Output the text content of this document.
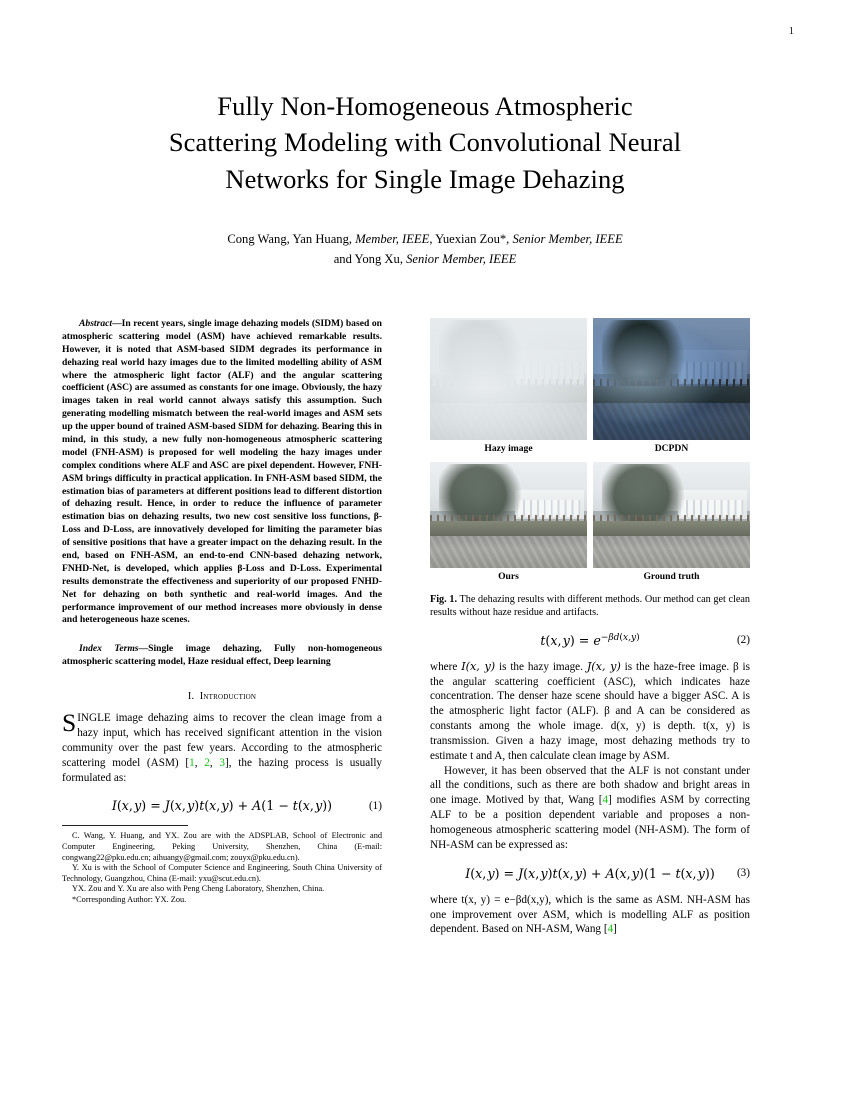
1
Fully Non-Homogeneous Atmospheric
Scattering Modeling with Convolutional Neural
Networks for Single Image Dehazing
Cong Wang, Yan Huang, Member, IEEE, Yuexian Zou*, Senior Member, IEEE
and Yong Xu, Senior Member, IEEE

Abstract—In recent years, single image dehazing models (SIDM) based on atmospheric scattering model (ASM) have achieved remarkable results. However, it is noted that ASM-based SIDM degrades its performance in dehazing real world hazy images due to the limited modelling ability of ASM where the atmospheric light factor (ALF) and the angular scattering coefficient (ASC) are assumed as constants for one image. Obviously, the hazy images taken in real world cannot always satisfy this assumption. Such generating modelling mismatch between the real-world images and ASM sets up the upper bound of trained ASM-based SIDM for dehazing. Bearing this in mind, in this study, a new fully non-homogeneous atmospheric scattering model (FNH-ASM) is proposed for well modeling the hazy images under complex conditions where ALF and ASC are pixel dependent. However, FNH-ASM brings difficulty in practical application. In FNH-ASM based SIDM, the estimation bias of parameters at different positions lead to different distortion of dehazing result. Hence, in order to reduce the influence of parameter estimation bias on dehazing results, two new cost sensitive loss functions, β-Loss and D-Loss, are innovatively developed for limiting the parameter bias of sensitive positions that have a greater impact on the dehazing result. In the end, based on FNH-ASM, an end-to-end CNN-based dehazing network, FNHD-Net, is developed, which applies β-Loss and D-Loss. Experimental results demonstrate the effectiveness and superiority of our proposed FNHD-Net for dehazing on both synthetic and real-world images. And the performance improvement of our method increases more obviously in dense and heterogeneous haze scenes.

Index Terms—Single image dehazing, Fully non-homogeneous atmospheric scattering model, Haze residual effect, Deep learning

I. Introduction

SINGLE image dehazing aims to recover the clean image from a hazy input, which has received significant attention in the vision community over the past few years. According to the atmospheric scattering model (ASM) [1, 2, 3], the hazing process is usually formulated as:

I(x, y) = J(x, y)t(x, y) + A(1 − t(x, y))	(1)

C. Wang, Y. Huang, and YX. Zou are with the ADSPLAB, School of Electronic and Computer Engineering, Peking University, Shenzhen, China (E-mail: congwang22@pku.edu.cn; aihuangy@gmail.com; zouyx@pku.edu.cn).

Y. Xu is with the School of Computer Science and Engineering, South China University of Technology, Guangzhou, China (E-mail: yxu@scut.edu.cn).

YX. Zou and Y. Xu are also with Peng Cheng Laboratory, Shenzhen, China.

*Corresponding Author: YX. Zou.

Hazy image	DCPDN
Ours	Ground truth

Fig. 1. The dehazing results with different methods. Our method can get clean results without haze residue and artifacts.

t(x, $y) = e^{-\beta d(x,y)}$	(2)

where I(x, y) is the hazy image. J(x, y) is the haze-free image. β is the angular scattering coefficient (ASC), which indicates haze concentration. The denser haze scene should have a bigger ASC. A is the atmospheric light factor (ALF). β and A can be considered as constants among the whole image. d(x, y) is depth. t(x, y) is transmission. Given a hazy image, most dehazing methods try to estimate t and A, then calculate clean image by ASM.

However, it has been observed that the ALF is not constant under all the conditions, such as there are both shadow and bright areas in one image. Motived by that, Wang [4] modifies ASM by correcting ALF to be a position dependent variable and proposes a non-homogeneous atmospheric scattering model (NH-ASM). The form of NH-ASM can be expressed as:

I(x, y) = J(x, y)t(x, y) + A(x, y)(1 − t(x, y)) (3)

where t(x, y) = e−βd(x,y), which is the same as ASM. NH-ASM has one improvement over ASM, which is modelling ALF as position dependent. Based on NH-ASM, Wang [4]
